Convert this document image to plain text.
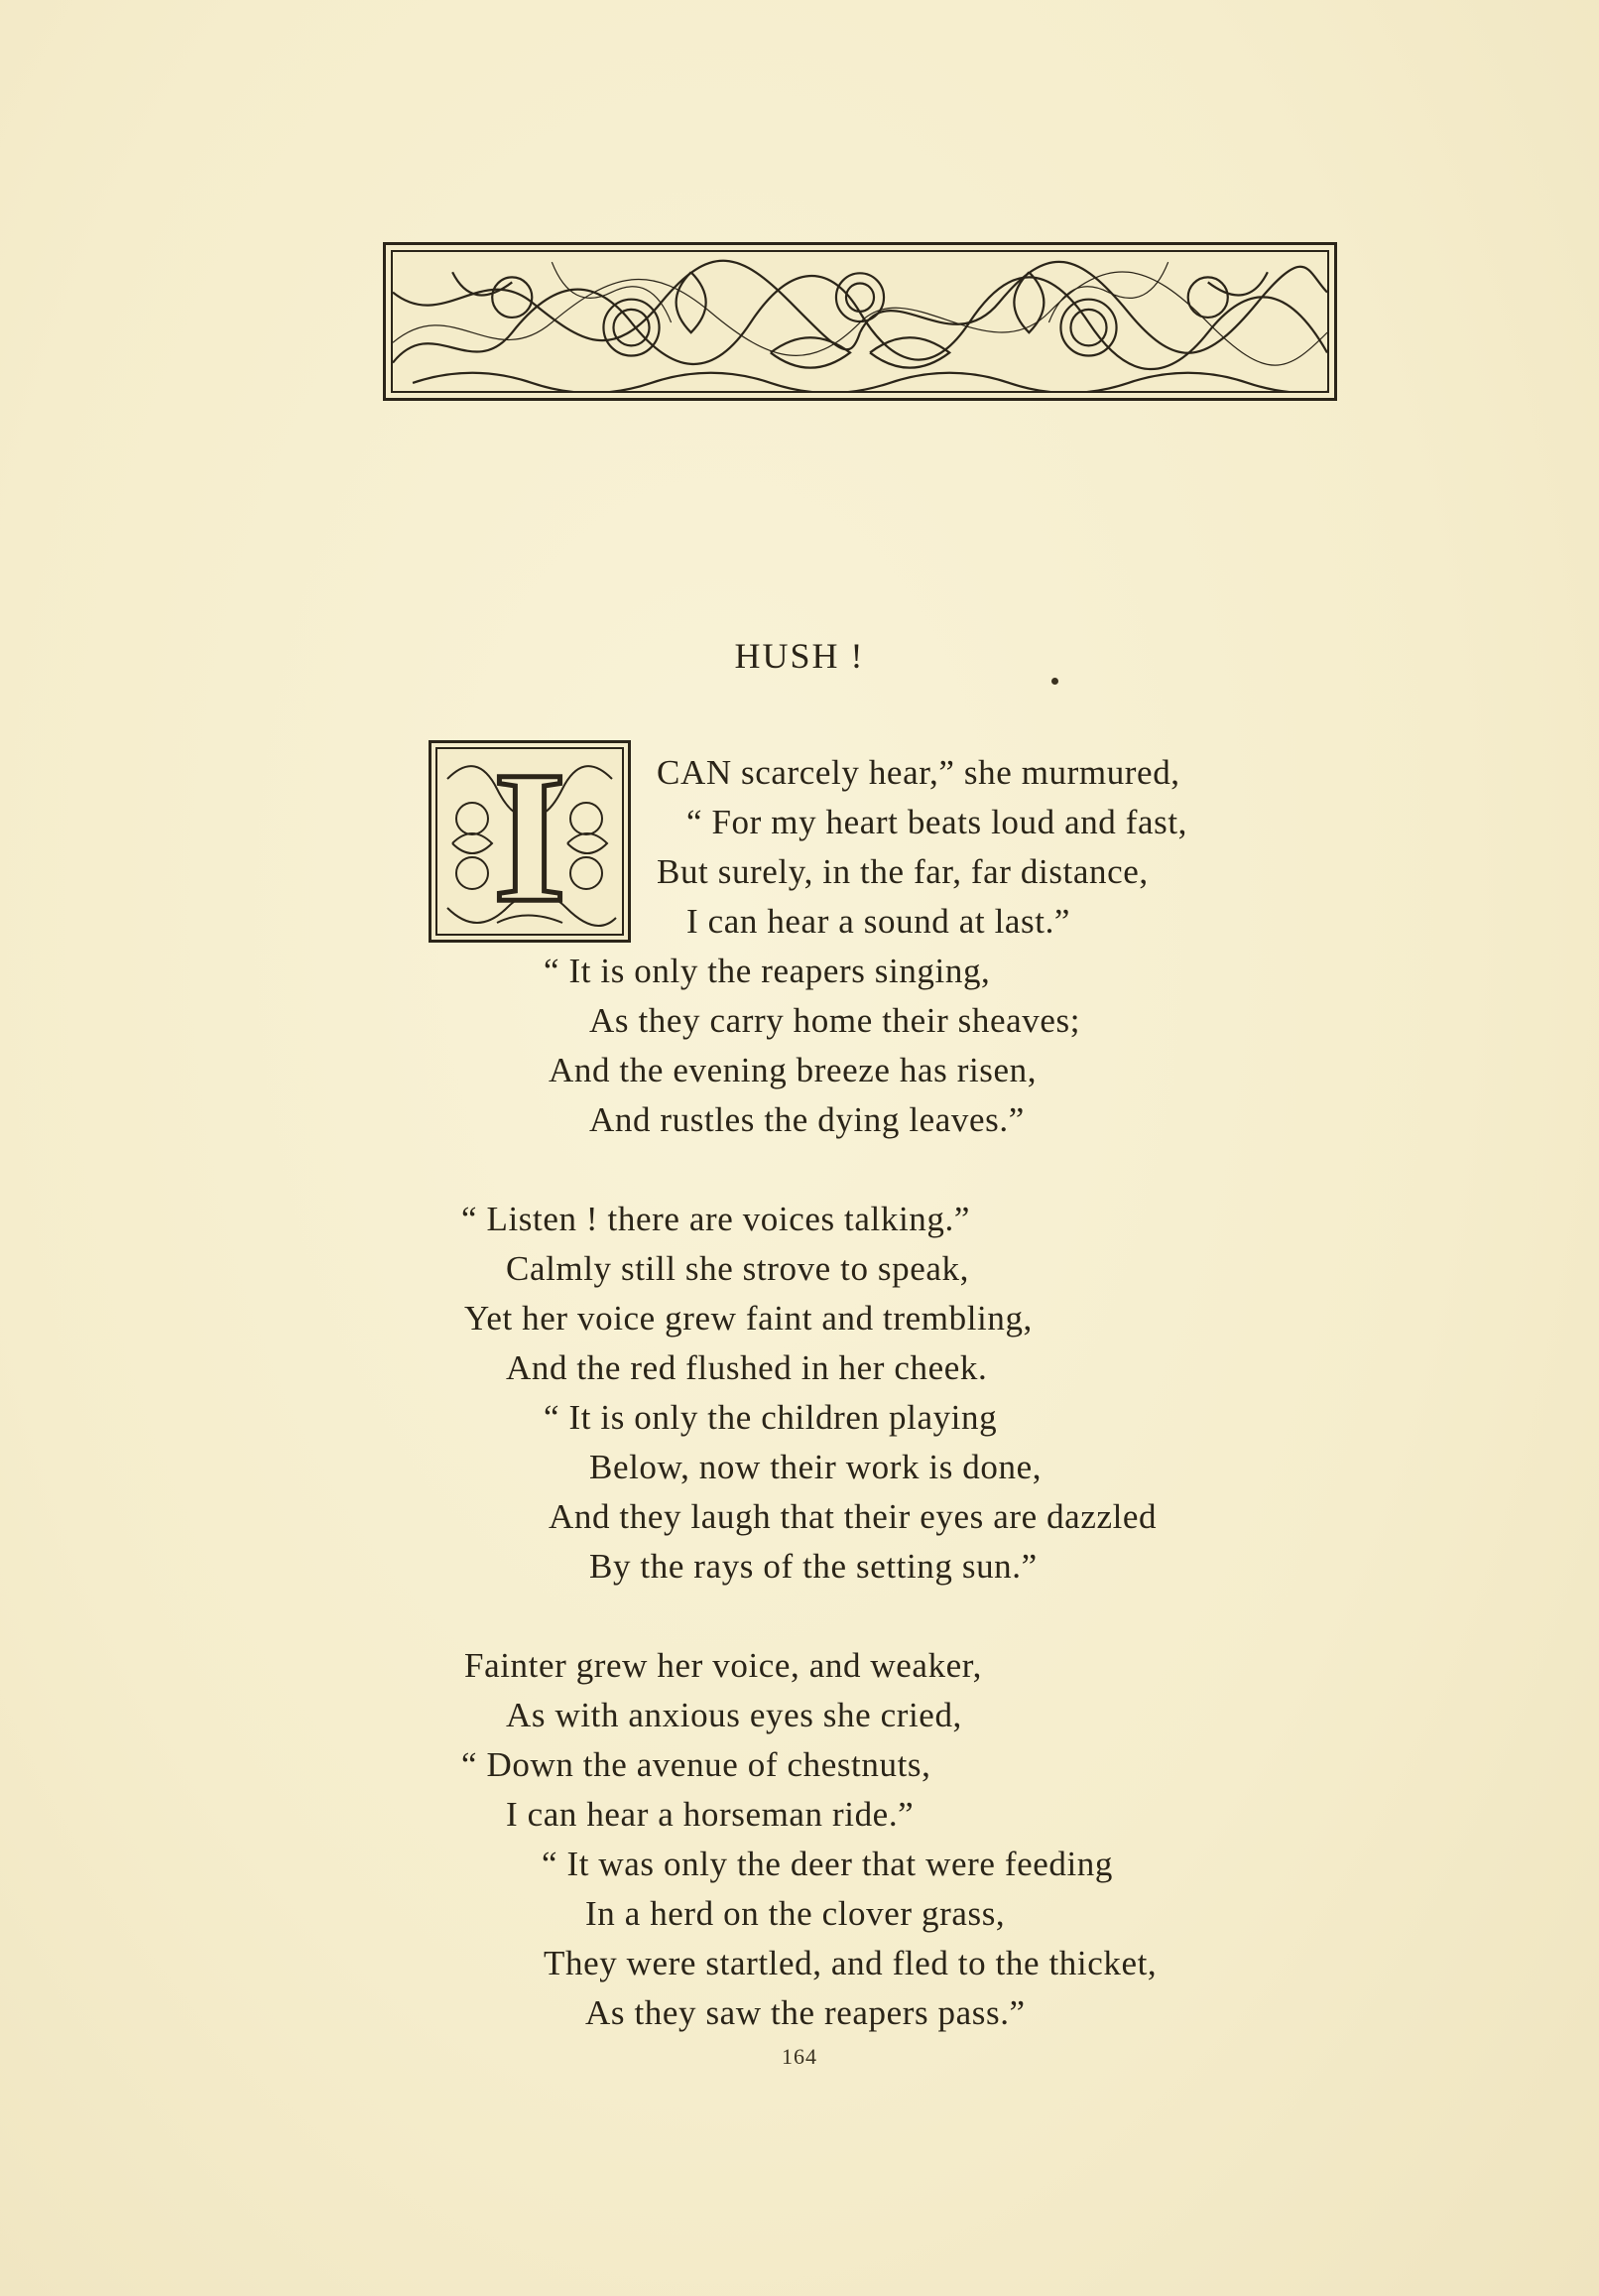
HUSH !
I	CAN scarcely hear,” she murmured,
“ For my heart beats loud and fast,
But surely, in the far, far distance,
I can hear a sound at last.”
“ It is only the reapers singing,
As they carry home their sheaves;
And the evening breeze has risen,
And rustles the dying leaves.”
“ Listen ! there are voices talking.”
Calmly still she strove to speak,
Yet her voice grew faint and trembling,
And the red flushed in her cheek.
“ It is only the children playing
Below, now their work is done,
And they laugh that their eyes are dazzled
By the rays of the setting sun.”
Fainter grew her voice, and weaker,
As with anxious eyes she cried,
“ Down the avenue of chestnuts,
I can hear a horseman ride.”
“ It was only the deer that were feeding
In a herd on the clover grass,
They were startled, and fled to the thicket,
As they saw the reapers pass.”
164
